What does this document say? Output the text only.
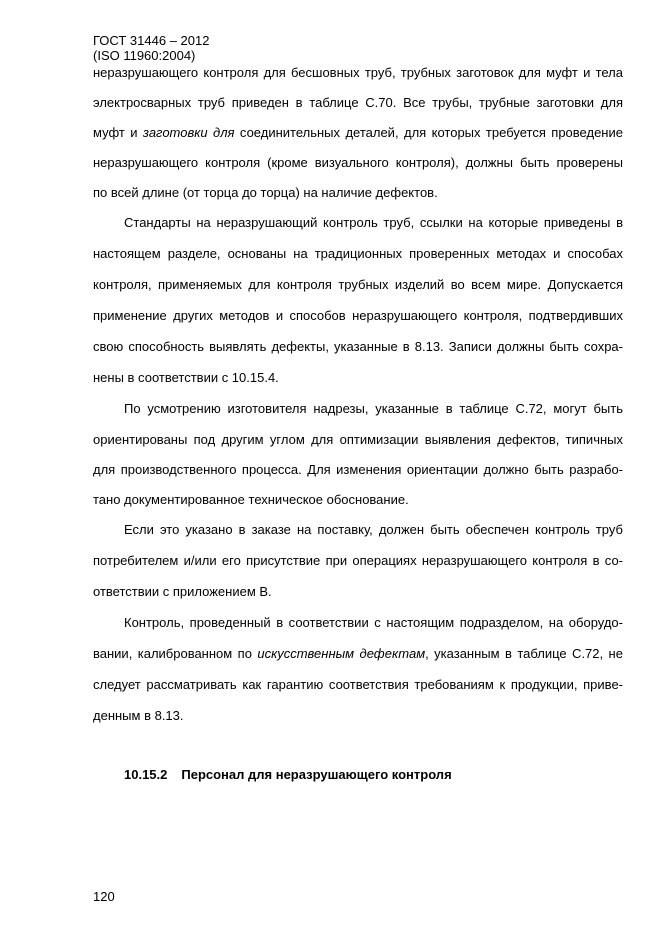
ГОСТ 31446 – 2012
(ISO 11960:2004)
неразрушающего контроля для бесшовных труб, трубных заготовок для муфт и тела
электросварных труб приведен в таблице С.70. Все трубы, трубные заготовки для
муфт и заготовки для соединительных деталей, для которых требуется проведение
неразрушающего контроля (кроме визуального контроля), должны быть проверены
по всей длине (от торца до торца) на наличие дефектов.
Стандарты на неразрушающий контроль труб, ссылки на которые приведены в
настоящем разделе, основаны на традиционных проверенных методах и способах
контроля, применяемых для контроля трубных изделий во всем мире. Допускается
применение других методов и способов неразрушающего контроля, подтвердивших
свою способность выявлять дефекты, указанные в 8.13. Записи должны быть сохра-
нены в соответствии с 10.15.4.
По усмотрению изготовителя надрезы, указанные в таблице С.72, могут быть
ориентированы под другим углом для оптимизации выявления дефектов, типичных
для производственного процесса. Для изменения ориентации должно быть разрабо-
тано документированное техническое обоснование.
Если это указано в заказе на поставку, должен быть обеспечен контроль труб
потребителем и/или его присутствие при операциях неразрушающего контроля в со-
ответствии с приложением В.
Контроль, проведенный в соответствии с настоящим подразделом, на оборудо-
вании, калиброванном по искусственным дефектам, указанным в таблице С.72, не
следует рассматривать как гарантию соответствия требованиям к продукции, приве-
денным в 8.13.
10.15.2 Персонал для неразрушающего контроля
120
